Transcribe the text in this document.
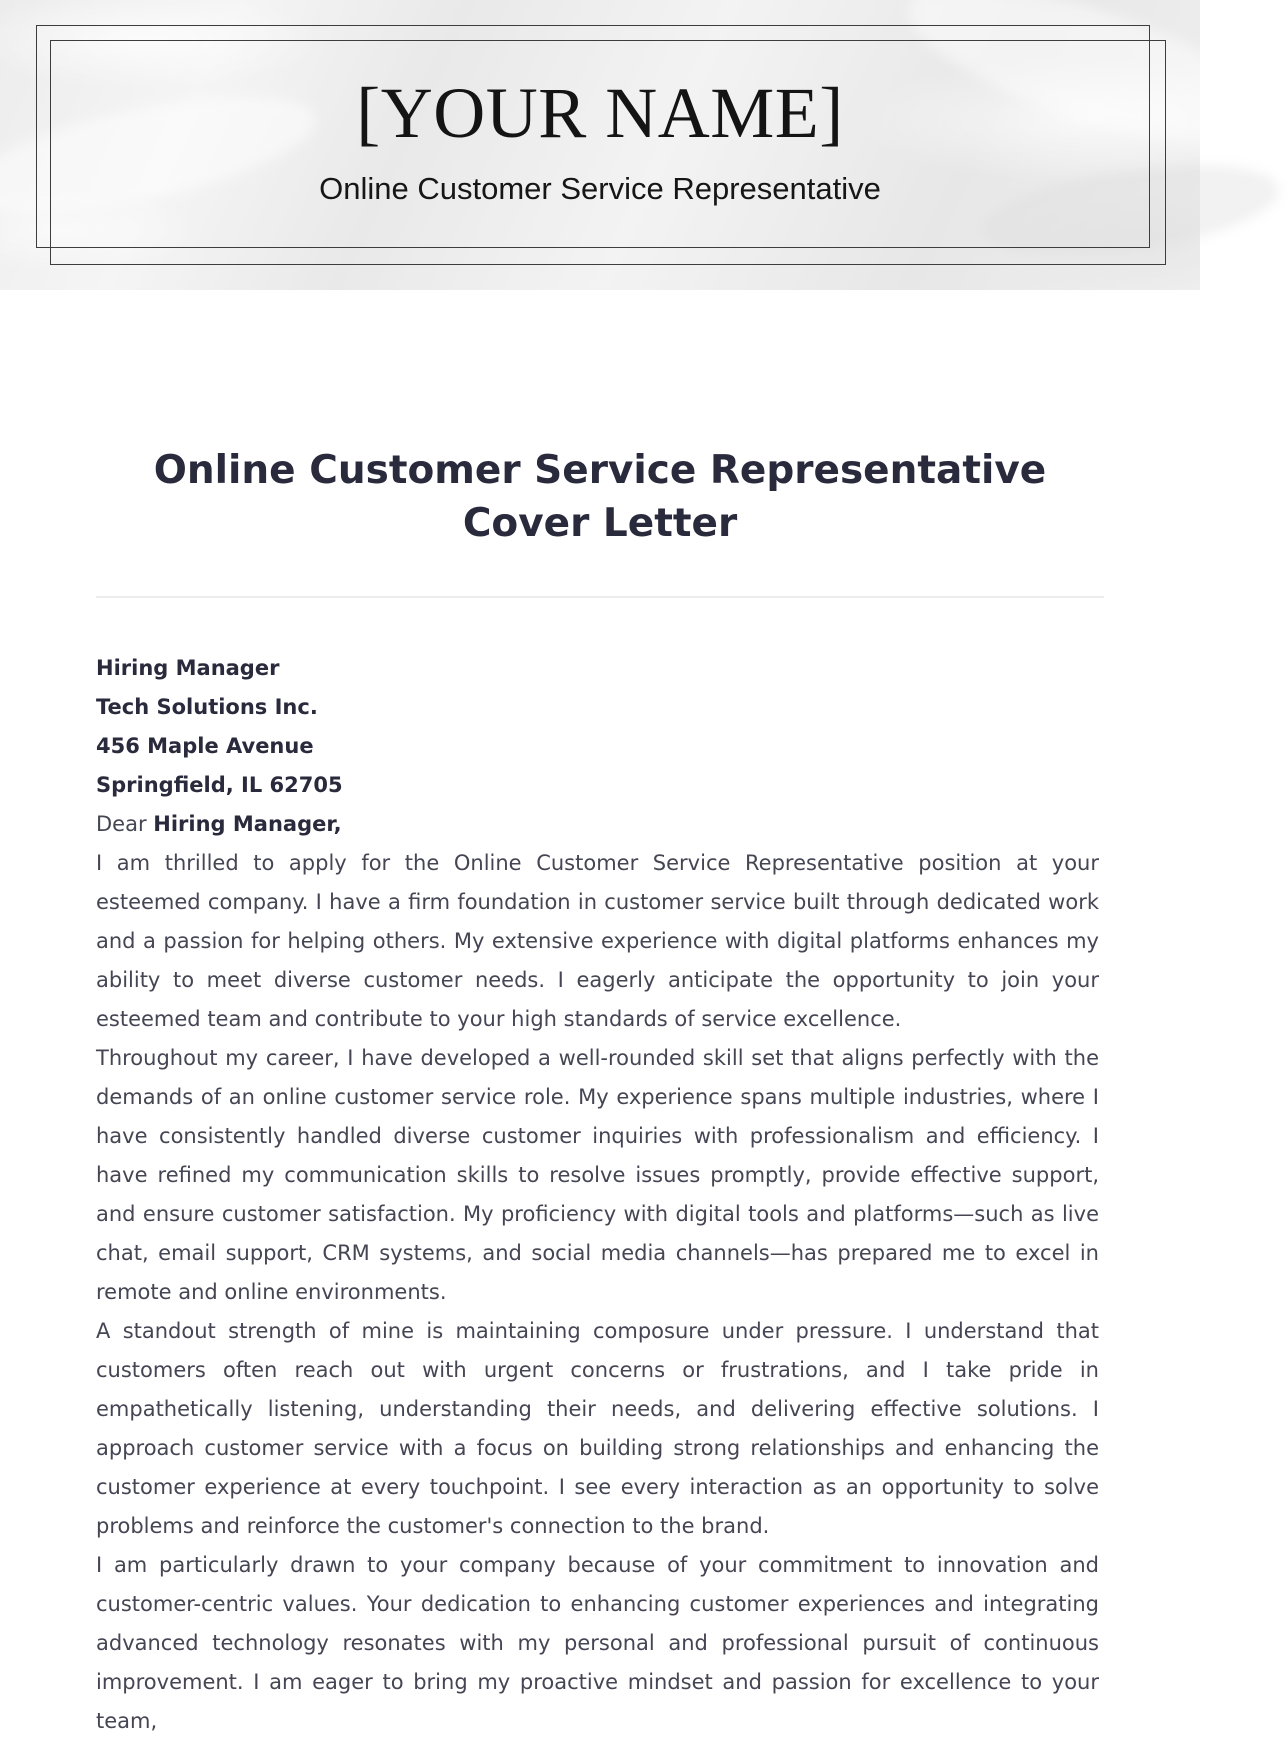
[YOUR NAME]
Online Customer Service Representative
Online Customer Service Representative Cover Letter
Hiring Manager
Tech Solutions Inc.
456 Maple Avenue
Springfield, IL 62705
Dear Hiring Manager,

I am thrilled to apply for the Online Customer Service Representative position at your esteemed company. I have a firm foundation in customer service built through dedicated work and a passion for helping others. My extensive experience with digital platforms enhances my ability to meet diverse customer needs. I eagerly anticipate the opportunity to join your esteemed team and contribute to your high standards of service excellence.

Throughout my career, I have developed a well-rounded skill set that aligns perfectly with the demands of an online customer service role. My experience spans multiple industries, where I have consistently handled diverse customer inquiries with professionalism and efficiency. I have refined my communication skills to resolve issues promptly, provide effective support, and ensure customer satisfaction. My proficiency with digital tools and platforms—such as live chat, email support, CRM systems, and social media channels—has prepared me to excel in remote and online environments.

A standout strength of mine is maintaining composure under pressure. I understand that customers often reach out with urgent concerns or frustrations, and I take pride in empathetically listening, understanding their needs, and delivering effective solutions. I approach customer service with a focus on building strong relationships and enhancing the customer experience at every touchpoint. I see every interaction as an opportunity to solve problems and reinforce the customer's connection to the brand.

I am particularly drawn to your company because of your commitment to innovation and customer-centric values. Your dedication to enhancing customer experiences and integrating advanced technology resonates with my personal and professional pursuit of continuous improvement. I am eager to bring my proactive mindset and passion for excellence to your team,
